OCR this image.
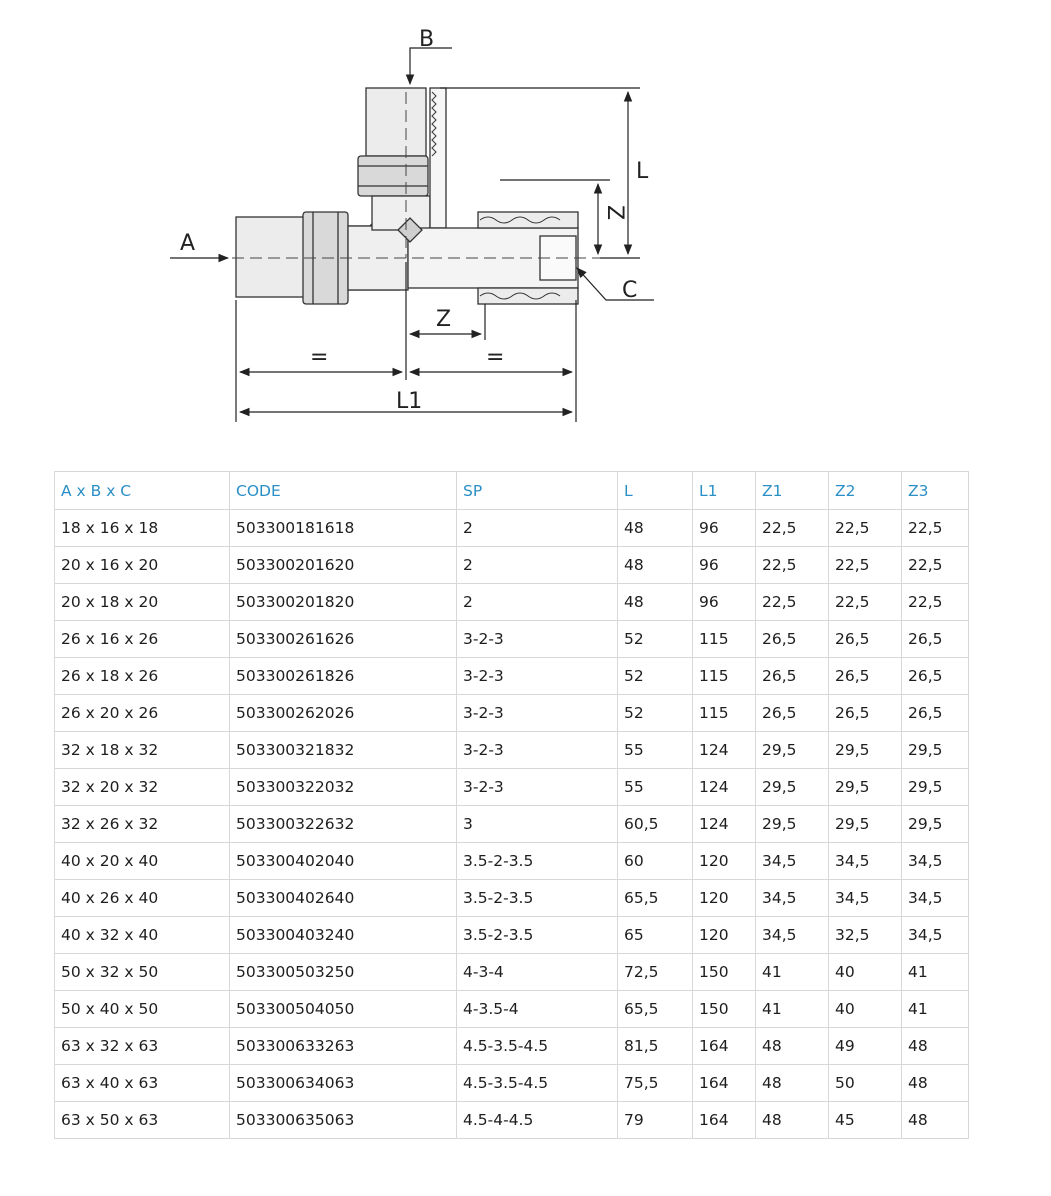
A
B
C
L
Z
Z
=	=
L1
A x B x C	CODE	SP	L	L1	Z1	Z2	Z3
18 x 16 x 18	503300181618	2	48	96	22,5	22,5	22,5
20 x 16 x 20	503300201620	2	48	96	22,5	22,5	22,5
20 x 18 x 20	503300201820	2	48	96	22,5	22,5	22,5
26 x 16 x 26	503300261626	3-2-3	52	115	26,5	26,5	26,5
26 x 18 x 26	503300261826	3-2-3	52	115	26,5	26,5	26,5
26 x 20 x 26	503300262026	3-2-3	52	115	26,5	26,5	26,5
32 x 18 x 32	503300321832	3-2-3	55	124	29,5	29,5	29,5
32 x 20 x 32	503300322032	3-2-3	55	124	29,5	29,5	29,5
32 x 26 x 32	503300322632	3	60,5	124	29,5	29,5	29,5
40 x 20 x 40	503300402040	3.5-2-3.5	60	120	34,5	34,5	34,5
40 x 26 x 40	503300402640	3.5-2-3.5	65,5	120	34,5	34,5	34,5
40 x 32 x 40	503300403240	3.5-2-3.5	65	120	34,5	32,5	34,5
50 x 32 x 50	503300503250	4-3-4	72,5	150	41	40	41
50 x 40 x 50	503300504050	4-3.5-4	65,5	150	41	40	41
63 x 32 x 63	503300633263	4.5-3.5-4.5	81,5	164	48	49	48
63 x 40 x 63	503300634063	4.5-3.5-4.5	75,5	164	48	50	48
63 x 50 x 63	503300635063	4.5-4-4.5	79	164	48	45	48
